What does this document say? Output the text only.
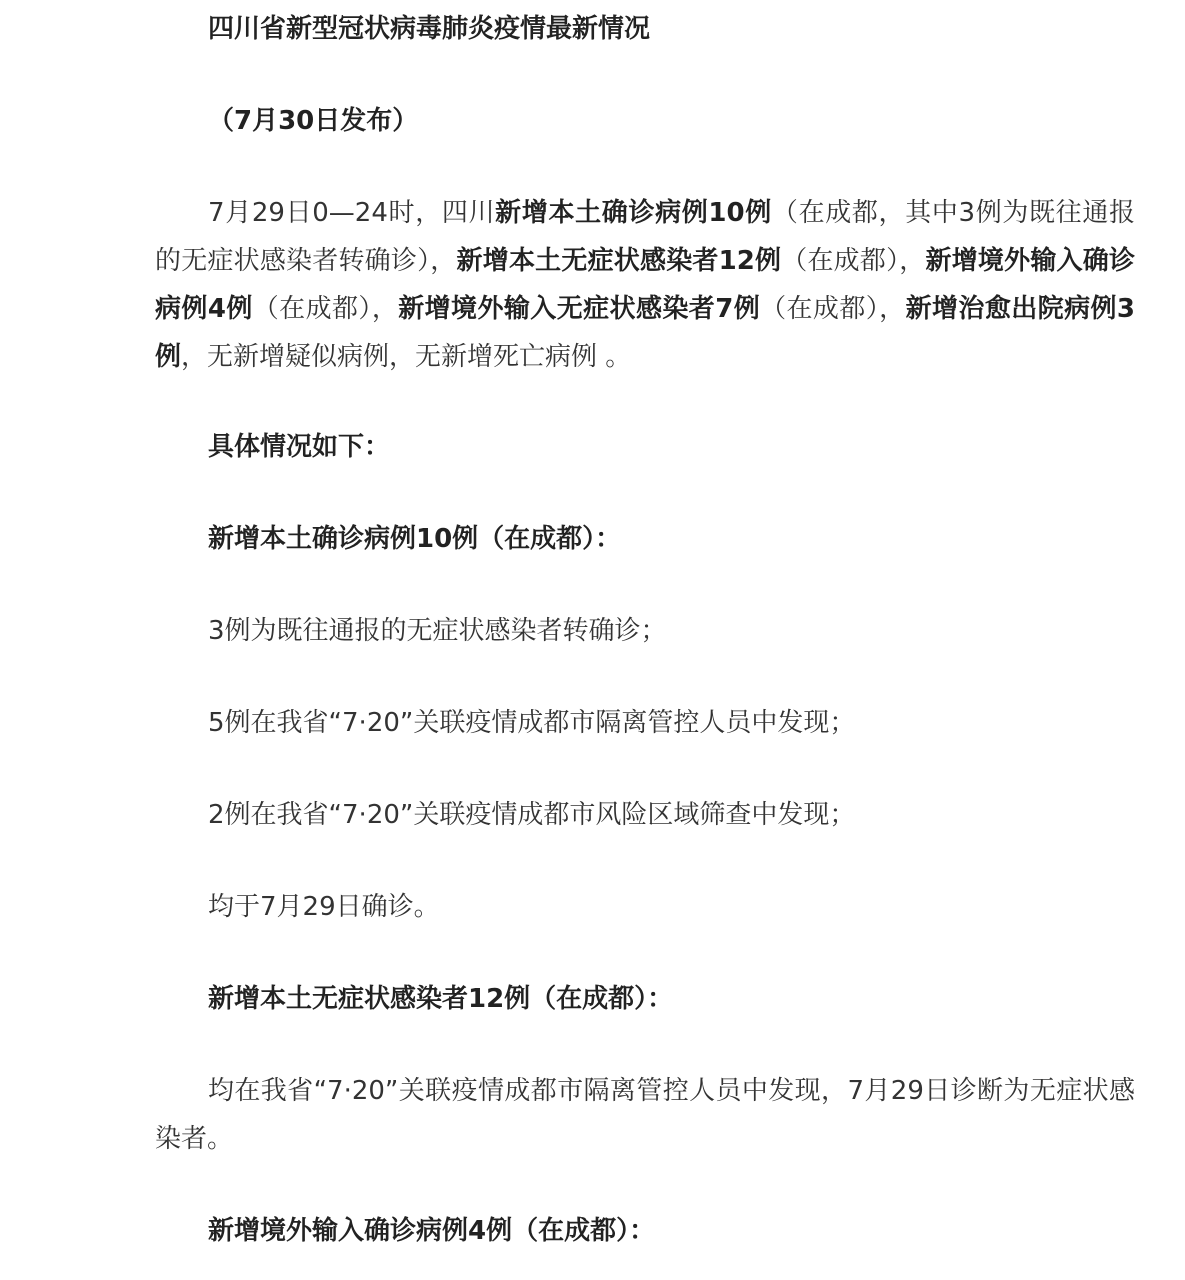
四川省新型冠状病毒肺炎疫情最新情况
（7月30日发布）
7月29日0—24时，四川新增本土确诊病例10例（在成都，其中3例为既往通报的无症状感染者转确诊），新增本土无症状感染者12例（在成都），新增境外输入确诊病例4例（在成都），新增境外输入无症状感染者7例（在成都），新增治愈出院病例3例，无新增疑似病例，无新增死亡病例 。
具体情况如下：
新增本土确诊病例10例（在成都）：
3例为既往通报的无症状感染者转确诊；
5例在我省“7·20”关联疫情成都市隔离管控人员中发现；
2例在我省“7·20”关联疫情成都市风险区域筛查中发现；
均于7月29日确诊。
新增本土无症状感染者12例（在成都）：
均在我省“7·20”关联疫情成都市隔离管控人员中发现，7月29日诊断为无症状感染者。
新增境外输入确诊病例4例（在成都）：
